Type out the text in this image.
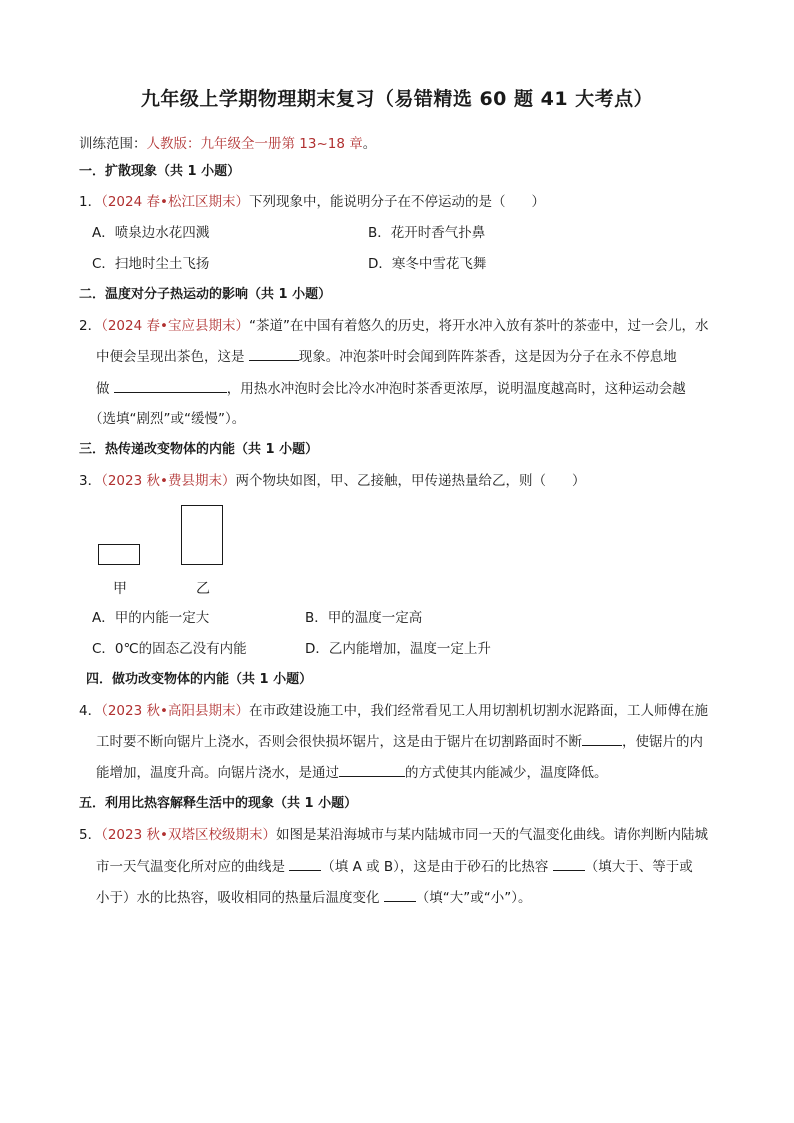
九年级上学期物理期末复习（易错精选 60 题 41 大考点）
训练范围：人教版：九年级全一册第 13~18 章。
一．扩散现象（共 1 小题）
1．（2024 春•松江区期末）下列现象中，能说明分子在不停运动的是（ ）
A．喷泉边水花四溅	B．花开时香气扑鼻
C．扫地时尘土飞扬	D．寒冬中雪花飞舞
二．温度对分子热运动的影响（共 1 小题）
2．（2024 春•宝应县期末）“茶道”在中国有着悠久的历史，将开水冲入放有茶叶的茶壶中，过一会儿，水
中便会呈现出茶色，这是	现象。冲泡茶叶时会闻到阵阵茶香，这是因为分子在永不停息地
做	，用热水冲泡时会比冷水冲泡时茶香更浓厚，说明温度越高时，这种运动会越
（选填“剧烈”或“缓慢”）。
三．热传递改变物体的内能（共 1 小题）
3．（2023 秋•费县期末）两个物块如图，甲、乙接触，甲传递热量给乙，则（ ）
甲	乙
A．甲的内能一定大	B．甲的温度一定高
C．0℃的固态乙没有内能	D．乙内能增加，温度一定上升
四．做功改变物体的内能（共 1 小题）
4．（2023 秋•高阳县期末）在市政建设施工中，我们经常看见工人用切割机切割水泥路面，工人师傅在施
工时要不断向锯片上浇水，否则会很快损坏锯片，这是由于锯片在切割路面时不断	，使锯片的内
能增加，温度升高。向锯片浇水，是通过	的方式使其内能减少，温度降低。
五．利用比热容解释生活中的现象（共 1 小题）
5．（2023 秋•双塔区校级期末）如图是某沿海城市与某内陆城市同一天的气温变化曲线。请你判断内陆城
市一天气温变化所对应的曲线是 （填 A 或 B），这是由于砂石的比热容 （填大于、等于或
小于）水的比热容，吸收相同的热量后温度变化 （填“大”或“小”）。
